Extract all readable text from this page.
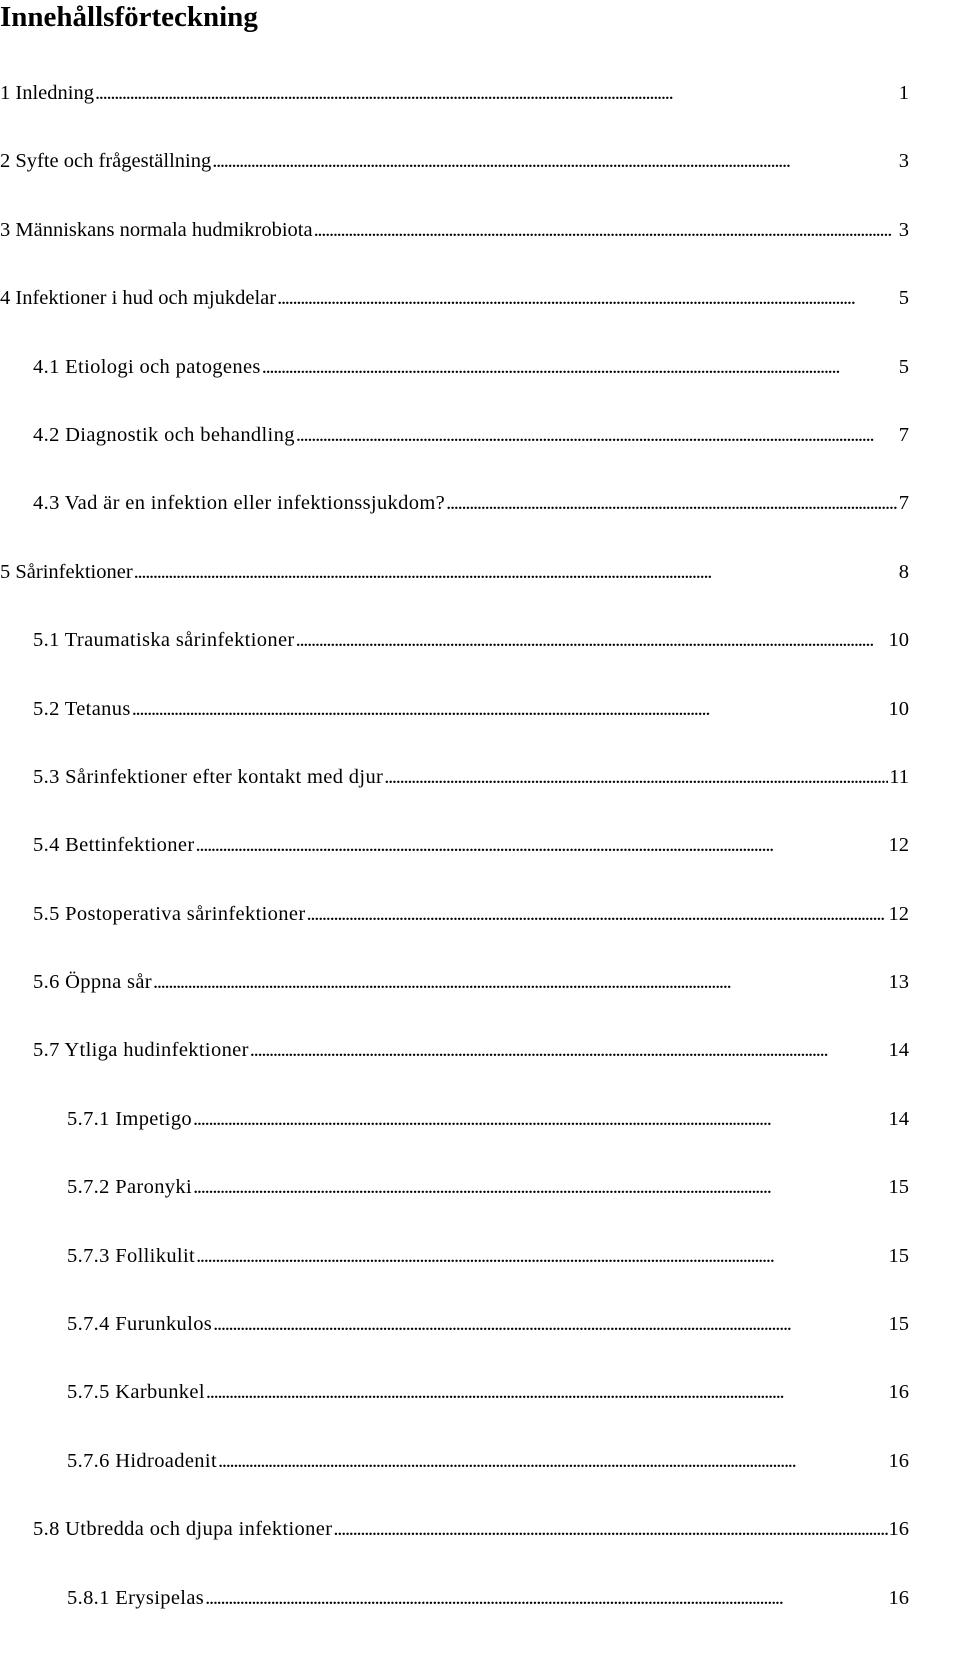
Innehållsförteckning
1 Inledning . . .	1
2 Syfte och frågeställning . . .	3
3 Människans normala hudmikrobiota . . .	3
4 Infektioner i hud och mjukdelar . . .	5
4.1 Etiologi och patogenes . . .	5
4.2 Diagnostik och behandling . . .	7
4.3 Vad är en infektion eller infektionssjukdom? . . .	7
5 Sårinfektioner . . .	8
5.1 Traumatiska sårinfektioner . . .	10
5.2 Tetanus . . .	10
5.3 Sårinfektioner efter kontakt med djur . . .	11
5.4 Bettinfektioner . . .	12
5.5 Postoperativa sårinfektioner . . .	12
5.6 Öppna sår . . .	13
5.7 Ytliga hudinfektioner . . .	14
5.7.1 Impetigo . . .	14
5.7.2 Paronyki . . .	15
5.7.3 Follikulit . . .	15
5.7.4 Furunkulos . . .	15
5.7.5 Karbunkel . . .	16
5.7.6 Hidroadenit . . .	16
5.8 Utbredda och djupa infektioner . . .	16
5.8.1 Erysipelas . . .	16
